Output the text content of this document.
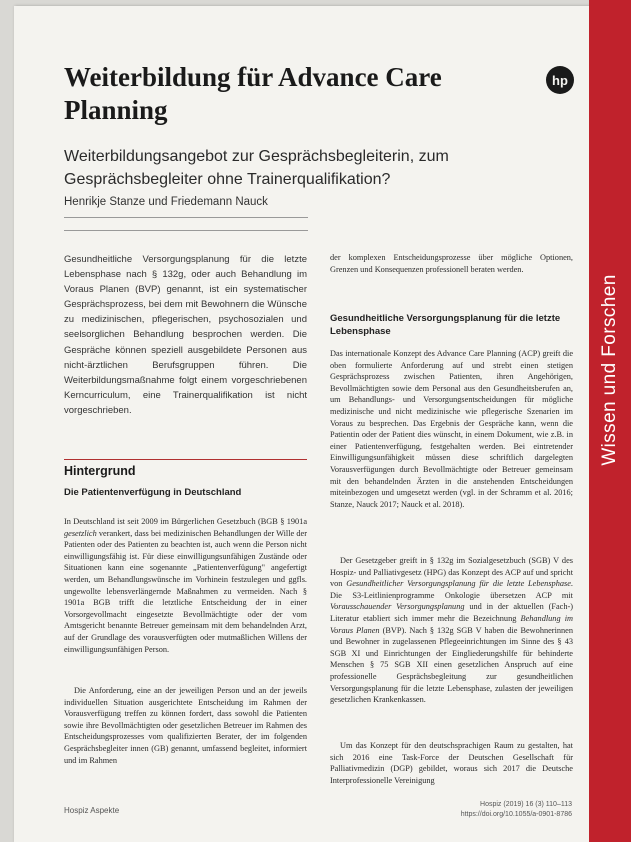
Wissen und Forschen
Weiterbildung für Advance Care Planning
hp
Weiterbildungsangebot zur Gesprächsbegleiterin, zum Gesprächsbegleiter ohne Trainerqualifikation?
Henrikje Stanze und Friedemann Nauck

Gesundheitliche Versorgungsplanung für die letzte Lebensphase nach § 132g, oder auch Behandlung im Voraus Planen (BVP) genannt, ist ein systematischer Gesprächsprozess, bei dem mit Bewohnern die Wünsche zu medizinischen, pflegerischen, psychosozialen und seelsorglichen Behandlung besprochen werden. Die Gespräche können speziell ausgebildete Personen aus nicht-ärztlichen Berufsgruppen führen. Die Weiterbildungsmaßnahme folgt einem vorgeschriebenen Kerncurriculum, eine Trainerqualifikation ist nicht vorgeschrieben.

Hintergrund
Die Patientenverfügung in Deutschland

In Deutschland ist seit 2009 im Bürgerlichen Gesetzbuch (BGB § 1901a gesetzlich verankert, dass bei medizinischen Behandlungen der Wille der Patienten oder des Patienten zu beachten ist, auch wenn die Person nicht einwilligungsfähig ist. Für diese einwilligungsunfähigen Zustände oder Situationen kann eine sogenannte „Patientenverfügung" angefertigt werden, um Behandlungswünsche im Vorhinein festzulegen und ggfls. ungewollte lebensverlängernde Maßnahmen zu vermeiden. Nach § 1901a BGB trifft die letztliche Entscheidung der in einer Vorsorgevollmacht eingesetzte Bevollmächtigte oder der vom Amtsgericht benannte Betreuer gemeinsam mit dem behandelnden Arzt, auf der Grundlage des vorausverfügten oder mutmaßlichen Willens der einwilligungsunfähigen Person.

Die Anforderung, eine an der jeweiligen Person und an der jeweils individuellen Situation ausgerichtete Entscheidung im Rahmen der Vorausverfügung treffen zu können fordert, dass sowohl die Patienten sowie ihre Bevollmächtigten oder gesetzlichen Betreuer im Rahmen des Entscheidungsprozesses vom qualifizierten Berater, der im folgenden Gesprächsbegleiter innen (GB) genannt, umfassend begleitet, informiert und im Rahmen

der komplexen Entscheidungsprozesse über mögliche Optionen, Grenzen und Konsequenzen professionell beraten werden.

Gesundheitliche Versorgungsplanung für die letzte Lebensphase

Das internationale Konzept des Advance Care Planning (ACP) greift die oben formulierte Anforderung auf und strebt einen stetigen Gesprächsprozess zwischen Patienten, ihren Angehörigen, Bevollmächtigten sowie dem Personal aus den Gesundheitsberufen an, um Behandlungs- und Versorgungsentscheidungen für mögliche medizinische und nicht medizinische wie pflegerische Szenarien im Voraus zu besprechen. Das Ergebnis der Gespräche kann, wenn die Patientin oder der Patient dies wünscht, in einem Dokument, wie z.B. in einer Patientenverfügung, festgehalten werden. Bei eintretender Einwilligungsunfähigkeit müssen diese schriftlich dargelegten Vorausverfügungen durch Bevollmächtigte oder Betreuer gemeinsam mit den behandelnden Ärzten in die anstehenden Entscheidungen miteinbezogen und umgesetzt werden (vgl. in der Schramm et al. 2016; Stanze, Nauck 2017; Nauck et al. 2018).

Der Gesetzgeber greift in § 132g im Sozialgesetzbuch (SGB) V des Hospiz- und Palliativgesetz (HPG) das Konzept des ACP auf und spricht von Gesundheitlicher Versorgungsplanung für die letzte Lebensphase. Die S3-Leitlinienprogramme Onkologie übersetzen ACP mit Vorausschauender Versorgungsplanung und in der aktuellen (Fach-) Literatur etabliert sich immer mehr die Bezeichnung Behandlung im Voraus Planen (BVP). Nach § 132g SGB V haben die Bewohnerinnen und Bewohner in zugelassenen Pflegeeinrichtungen im Sinne des § 43 SGB XI und Einrichtungen der Eingliederungshilfe für behinderte Menschen § 75 SGB XII einen gesetzlichen Anspruch auf eine professionelle Gesprächsbegleitung zur gesundheitlichen Versorgungsplanung für die letzte Lebensphase, zulasten der jeweiligen gesetzlichen Krankenkassen.

Um das Konzept für den deutschsprachigen Raum zu gestalten, hat sich 2016 eine Task-Force der Deutschen Gesellschaft für Palliativmedizin (DGP) gebildet, woraus sich 2017 die Deutsche Interprofessionelle Vereinigung

Hospiz Aspekte
Hospiz (2019) 16 (3) 110–113
https://doi.org/10.1055/a-0901-8786
